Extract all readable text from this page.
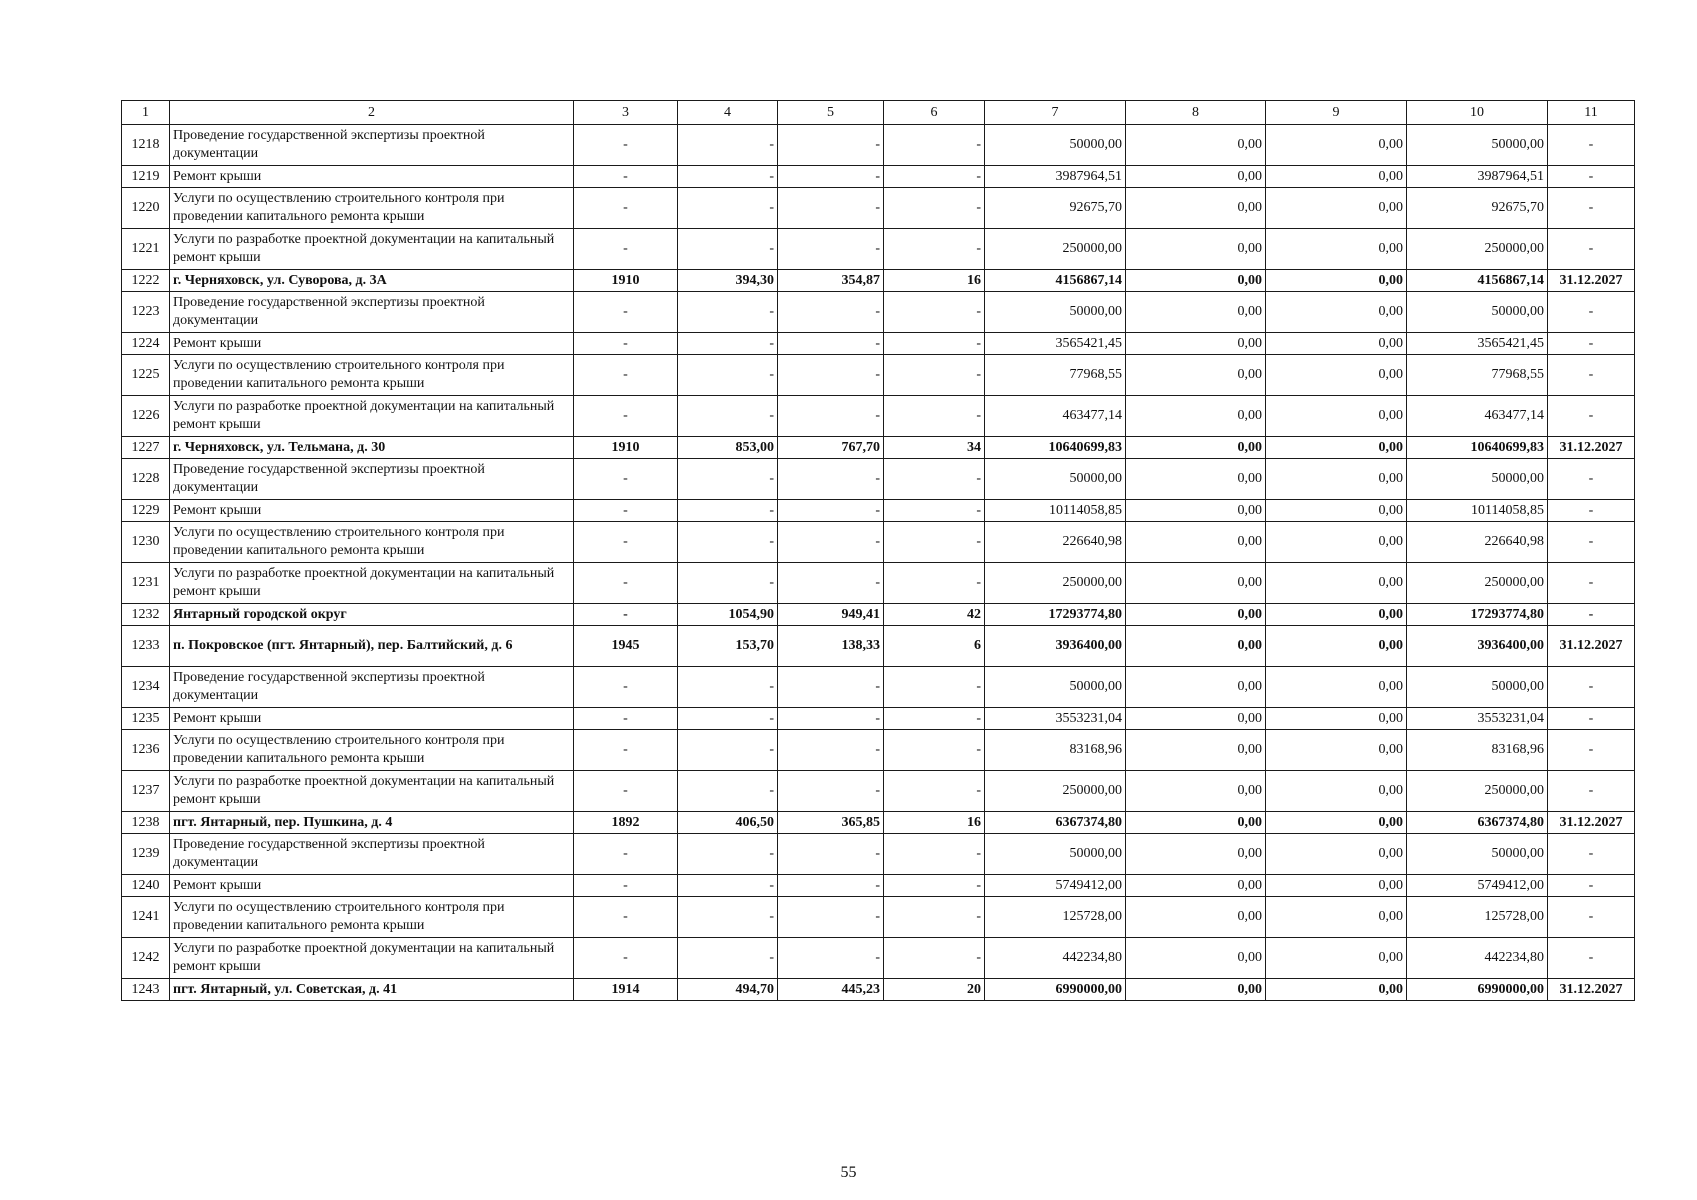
1	2	3	4	5	6	7	8	9	10	11
1218	Проведение государственной экспертизы проектной документации	-	-	-	-	50000,00	0,00	0,00	50000,00	-
1219	Ремонт крыши	-	-	-	-	3987964,51	0,00	0,00	3987964,51	-
1220	Услуги по осуществлению строительного контроля при проведении капитального ремонта крыши	-	-	-	-	92675,70	0,00	0,00	92675,70	-
1221	Услуги по разработке проектной документации на капитальный ремонт крыши	-	-	-	-	250000,00	0,00	0,00	250000,00	-
1222	г. Черняховск, ул. Суворова, д. 3А	1910	394,30	354,87	16	4156867,14	0,00	0,00	4156867,14	31.12.2027
1223	Проведение государственной экспертизы проектной документации	-	-	-	-	50000,00	0,00	0,00	50000,00	-
1224	Ремонт крыши	-	-	-	-	3565421,45	0,00	0,00	3565421,45	-
1225	Услуги по осуществлению строительного контроля при проведении капитального ремонта крыши	-	-	-	-	77968,55	0,00	0,00	77968,55	-
1226	Услуги по разработке проектной документации на капитальный ремонт крыши	-	-	-	-	463477,14	0,00	0,00	463477,14	-
1227	г. Черняховск, ул. Тельмана, д. 30	1910	853,00	767,70	34	10640699,83	0,00	0,00	10640699,83	31.12.2027
1228	Проведение государственной экспертизы проектной документации	-	-	-	-	50000,00	0,00	0,00	50000,00	-
1229	Ремонт крыши	-	-	-	-	10114058,85	0,00	0,00	10114058,85	-
1230	Услуги по осуществлению строительного контроля при проведении капитального ремонта крыши	-	-	-	-	226640,98	0,00	0,00	226640,98	-
1231	Услуги по разработке проектной документации на капитальный ремонт крыши	-	-	-	-	250000,00	0,00	0,00	250000,00	-
1232	Янтарный городской округ	-	1054,90	949,41	42	17293774,80	0,00	0,00	17293774,80	-
1233	п. Покровское (пгт. Янтарный), пер. Балтийский, д. 6	1945	153,70	138,33	6	3936400,00	0,00	0,00	3936400,00	31.12.2027
1234	Проведение государственной экспертизы проектной документации	-	-	-	-	50000,00	0,00	0,00	50000,00	-
1235	Ремонт крыши	-	-	-	-	3553231,04	0,00	0,00	3553231,04	-
1236	Услуги по осуществлению строительного контроля при проведении капитального ремонта крыши	-	-	-	-	83168,96	0,00	0,00	83168,96	-
1237	Услуги по разработке проектной документации на капитальный ремонт крыши	-	-	-	-	250000,00	0,00	0,00	250000,00	-
1238	пгт. Янтарный, пер. Пушкина, д. 4	1892	406,50	365,85	16	6367374,80	0,00	0,00	6367374,80	31.12.2027
1239	Проведение государственной экспертизы проектной документации	-	-	-	-	50000,00	0,00	0,00	50000,00	-
1240	Ремонт крыши	-	-	-	-	5749412,00	0,00	0,00	5749412,00	-
1241	Услуги по осуществлению строительного контроля при проведении капитального ремонта крыши	-	-	-	-	125728,00	0,00	0,00	125728,00	-
1242	Услуги по разработке проектной документации на капитальный ремонт крыши	-	-	-	-	442234,80	0,00	0,00	442234,80	-
1243	пгт. Янтарный, ул. Советская, д. 41	1914	494,70	445,23	20	6990000,00	0,00	0,00	6990000,00	31.12.2027
55
